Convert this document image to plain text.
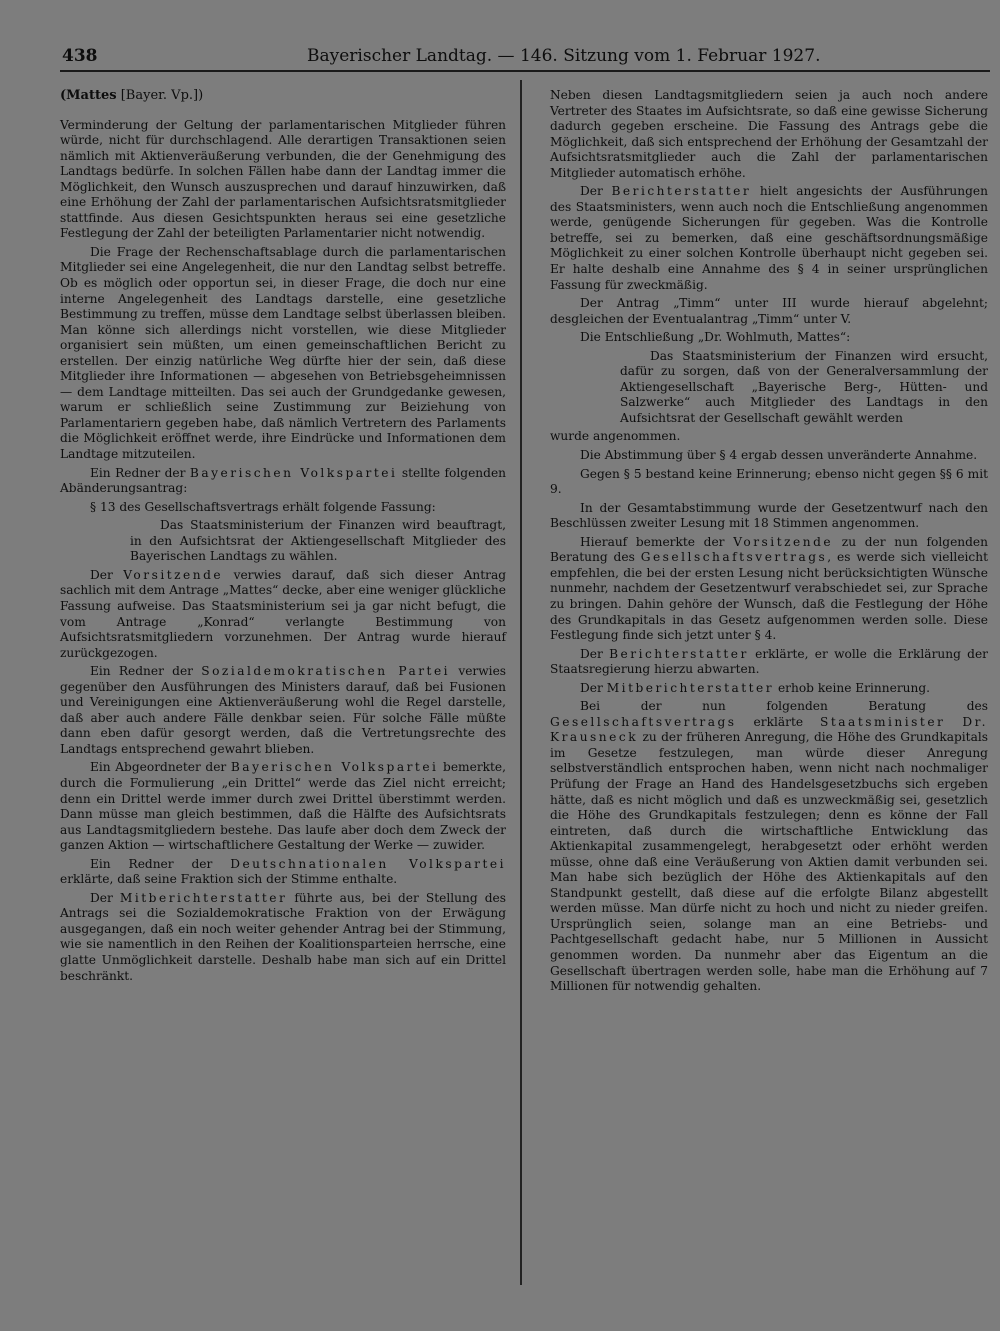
438	Bayerischer Landtag. — 146. Sitzung vom 1. Februar 1927.
(Mattes [Bayer. Vp.])

Verminderung der Geltung der parlamentarischen Mitglieder führen würde, nicht für durchschlagend. Alle derartigen Transaktionen seien nämlich mit Aktienveräußerung verbunden, die der Genehmigung des Landtags bedürfe. In solchen Fällen habe dann der Landtag immer die Möglichkeit, den Wunsch auszusprechen und darauf hinzuwirken, daß eine Erhöhung der Zahl der parlamentarischen Aufsichtsratsmitglieder stattfinde. Aus diesen Gesichtspunkten heraus sei eine gesetzliche Festlegung der Zahl der beteiligten Parlamentarier nicht notwendig.

Die Frage der Rechenschaftsablage durch die parlamentarischen Mitglieder sei eine Angelegenheit, die nur den Landtag selbst betreffe. Ob es möglich oder opportun sei, in dieser Frage, die doch nur eine interne Angelegenheit des Landtags darstelle, eine gesetzliche Bestimmung zu treffen, müsse dem Landtage selbst überlassen bleiben. Man könne sich allerdings nicht vorstellen, wie diese Mitglieder organisiert sein müßten, um einen gemeinschaftlichen Bericht zu erstellen. Der einzig natürliche Weg dürfte hier der sein, daß diese Mitglieder ihre Informationen — abgesehen von Betriebsgeheimnissen — dem Landtage mitteilten. Das sei auch der Grundgedanke gewesen, warum er schließlich seine Zustimmung zur Beiziehung von Parlamentariern gegeben habe, daß nämlich Vertretern des Parlaments die Möglichkeit eröffnet werde, ihre Eindrücke und Informationen dem Landtage mitzuteilen.

Ein Redner der Bayerischen Volkspartei stellte folgenden Abänderungsantrag:

§ 13 des Gesellschaftsvertrags erhält folgende Fassung:

Das Staatsministerium der Finanzen wird beauftragt, in den Aufsichtsrat der Aktiengesellschaft Mitglieder des Bayerischen Landtags zu wählen.

Der Vorsitzende verwies darauf, daß sich dieser Antrag sachlich mit dem Antrage „Mattes“ decke, aber eine weniger glückliche Fassung aufweise. Das Staatsministerium sei ja gar nicht befugt, die vom Antrage „Konrad“ verlangte Bestimmung von Aufsichtsratsmitgliedern vorzunehmen. Der Antrag wurde hierauf zurückgezogen.

Ein Redner der Sozialdemokratischen Partei verwies gegenüber den Ausführungen des Ministers darauf, daß bei Fusionen und Vereinigungen eine Aktienveräußerung wohl die Regel darstelle, daß aber auch andere Fälle denkbar seien. Für solche Fälle müßte dann eben dafür gesorgt werden, daß die Vertretungsrechte des Landtags entsprechend gewahrt blieben.

Ein Abgeordneter der Bayerischen Volkspartei bemerkte, durch die Formulierung „ein Drittel“ werde das Ziel nicht erreicht; denn ein Drittel werde immer durch zwei Drittel überstimmt werden. Dann müsse man gleich bestimmen, daß die Hälfte des Aufsichtsrats aus Landtagsmitgliedern bestehe. Das laufe aber doch dem Zweck der ganzen Aktion — wirtschaftlichere Gestaltung der Werke — zuwider.

Ein Redner der Deutschnationalen Volkspartei erklärte, daß seine Fraktion sich der Stimme enthalte.

Der Mitberichterstatter führte aus, bei der Stellung des Antrags sei die Sozialdemokratische Fraktion von der Erwägung ausgegangen, daß ein noch weiter gehender Antrag bei der Stimmung, wie sie namentlich in den Reihen der Koalitionsparteien herrsche, eine glatte Unmöglichkeit darstelle. Deshalb habe man sich auf ein Drittel beschränkt.

Neben diesen Landtagsmitgliedern seien ja auch noch andere Vertreter des Staates im Aufsichtsrate, so daß eine gewisse Sicherung dadurch gegeben erscheine. Die Fassung des Antrags gebe die Möglichkeit, daß sich entsprechend der Erhöhung der Gesamtzahl der Aufsichtsratsmitglieder auch die Zahl der parlamentarischen Mitglieder automatisch erhöhe.

Der Berichterstatter hielt angesichts der Ausführungen des Staatsministers, wenn auch noch die Entschließung angenommen werde, genügende Sicherungen für gegeben. Was die Kontrolle betreffe, sei zu bemerken, daß eine geschäftsordnungsmäßige Möglichkeit zu einer solchen Kontrolle überhaupt nicht gegeben sei. Er halte deshalb eine Annahme des § 4 in seiner ursprünglichen Fassung für zweckmäßig.

Der Antrag „Timm“ unter III wurde hierauf abgelehnt; desgleichen der Eventualantrag „Timm“ unter V.

Die Entschließung „Dr. Wohlmuth, Mattes“:

Das Staatsministerium der Finanzen wird ersucht, dafür zu sorgen, daß von der Generalversammlung der Aktiengesellschaft „Bayerische Berg-, Hütten- und Salzwerke“ auch Mitglieder des Landtags in den Aufsichtsrat der Gesellschaft gewählt werden

wurde angenommen.

Die Abstimmung über § 4 ergab dessen unveränderte Annahme.

Gegen § 5 bestand keine Erinnerung; ebenso nicht gegen §§ 6 mit 9.

In der Gesamtabstimmung wurde der Gesetzentwurf nach den Beschlüssen zweiter Lesung mit 18 Stimmen angenommen.

Hierauf bemerkte der Vorsitzende zu der nun folgenden Beratung des Gesellschaftsvertrags, es werde sich vielleicht empfehlen, die bei der ersten Lesung nicht berücksichtigten Wünsche nunmehr, nachdem der Gesetzentwurf verabschiedet sei, zur Sprache zu bringen. Dahin gehöre der Wunsch, daß die Festlegung der Höhe des Grundkapitals in das Gesetz aufgenommen werden solle. Diese Festlegung finde sich jetzt unter § 4.

Der Berichterstatter erklärte, er wolle die Erklärung der Staatsregierung hierzu abwarten.

Der Mitberichterstatter erhob keine Erinnerung.

Bei der nun folgenden Beratung des Gesellschaftsvertrags erklärte Staatsminister Dr. Krausneck zu der früheren Anregung, die Höhe des Grundkapitals im Gesetze festzulegen, man würde dieser Anregung selbstverständlich entsprochen haben, wenn nicht nach nochmaliger Prüfung der Frage an Hand des Handelsgesetzbuchs sich ergeben hätte, daß es nicht möglich und daß es unzweckmäßig sei, gesetzlich die Höhe des Grundkapitals festzulegen; denn es könne der Fall eintreten, daß durch die wirtschaftliche Entwicklung das Aktienkapital zusammengelegt, herabgesetzt oder erhöht werden müsse, ohne daß eine Veräußerung von Aktien damit verbunden sei. Man habe sich bezüglich der Höhe des Aktienkapitals auf den Standpunkt gestellt, daß diese auf die erfolgte Bilanz abgestellt werden müsse. Man dürfe nicht zu hoch und nicht zu nieder greifen. Ursprünglich seien, solange man an eine Betriebs- und Pachtgesellschaft gedacht habe, nur 5 Millionen in Aussicht genommen worden. Da nunmehr aber das Eigentum an die Gesellschaft übertragen werden solle, habe man die Erhöhung auf 7 Millionen für notwendig gehalten.
